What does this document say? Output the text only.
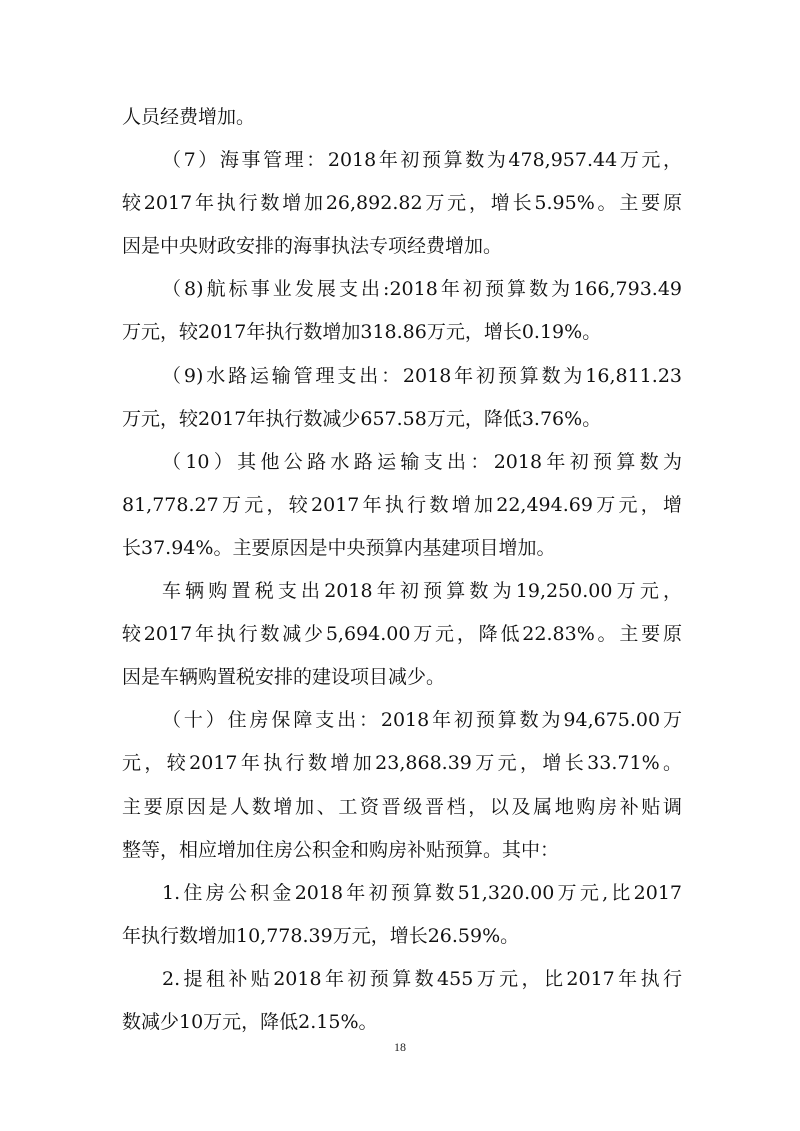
人员经费增加。
（7）海事管理：2018年初预算数为478,957.44万元，
较2017年执行数增加26,892.82万元，增长5.95%。主要原
因是中央财政安排的海事执法专项经费增加。
（8)航标事业发展支出:2018年初预算数为166,793.49
万元，较2017年执行数增加318.86万元，增长0.19%。
（9)水路运输管理支出：2018年初预算数为16,811.23
万元，较2017年执行数减少657.58万元，降低3.76%。
（10）其他公路水路运输支出：2018年初预算数为
81,778.27万元，较2017年执行数增加22,494.69万元，增
长37.94%。主要原因是中央预算内基建项目增加。
车辆购置税支出2018年初预算数为19,250.00万元，
较2017年执行数减少5,694.00万元，降低22.83%。主要原
因是车辆购置税安排的建设项目减少。
（十）住房保障支出：2018年初预算数为94,675.00万
元，较2017年执行数增加23,868.39万元，增长33.71%。
主要原因是人数增加、工资晋级晋档，以及属地购房补贴调
整等，相应增加住房公积金和购房补贴预算。其中：
1.住房公积金2018年初预算数51,320.00万元,比2017
年执行数增加10,778.39万元，增长26.59%。
2.提租补贴2018年初预算数455万元，比2017年执行
数减少10万元，降低2.15%。
18
